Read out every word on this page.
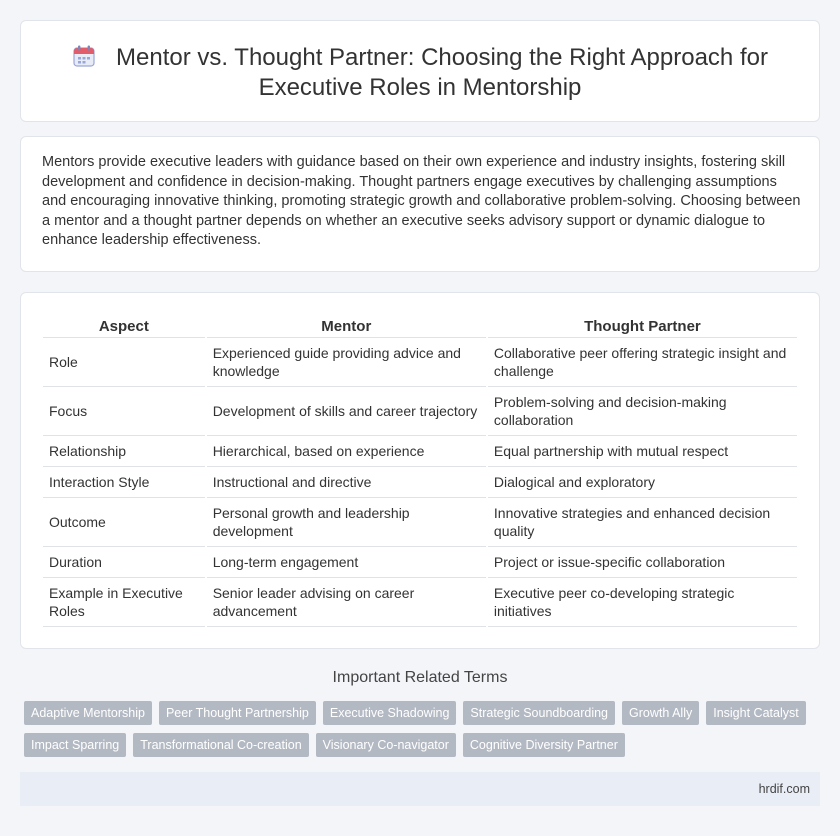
Mentor vs. Thought Partner: Choosing the Right Approach for Executive Roles in Mentorship

Mentors provide executive leaders with guidance based on their own experience and industry insights, fostering skill development and confidence in decision-making. Thought partners engage executives by challenging assumptions and encouraging innovative thinking, promoting strategic growth and collaborative problem-solving. Choosing between a mentor and a thought partner depends on whether an executive seeks advisory support or dynamic dialogue to enhance leadership effectiveness.

Aspect	Mentor	Thought Partner
Role	Experienced guide providing advice and knowledge	Collaborative peer offering strategic insight and challenge
Focus	Development of skills and career trajectory	Problem-solving and decision-making collaboration
Relationship	Hierarchical, based on experience	Equal partnership with mutual respect
Interaction Style	Instructional and directive	Dialogical and exploratory
Outcome	Personal growth and leadership development	Innovative strategies and enhanced decision quality
Duration	Long-term engagement	Project or issue-specific collaboration
Example in Executive Roles	Senior leader advising on career advancement	Executive peer co-developing strategic initiatives
Important Related Terms
Adaptive Mentorship	Peer Thought Partnership	Executive Shadowing	Strategic Soundboarding	Growth Ally	Insight Catalyst
Impact Sparring	Transformational Co-creation	Visionary Co-navigator	Cognitive Diversity Partner
hrdif.com
